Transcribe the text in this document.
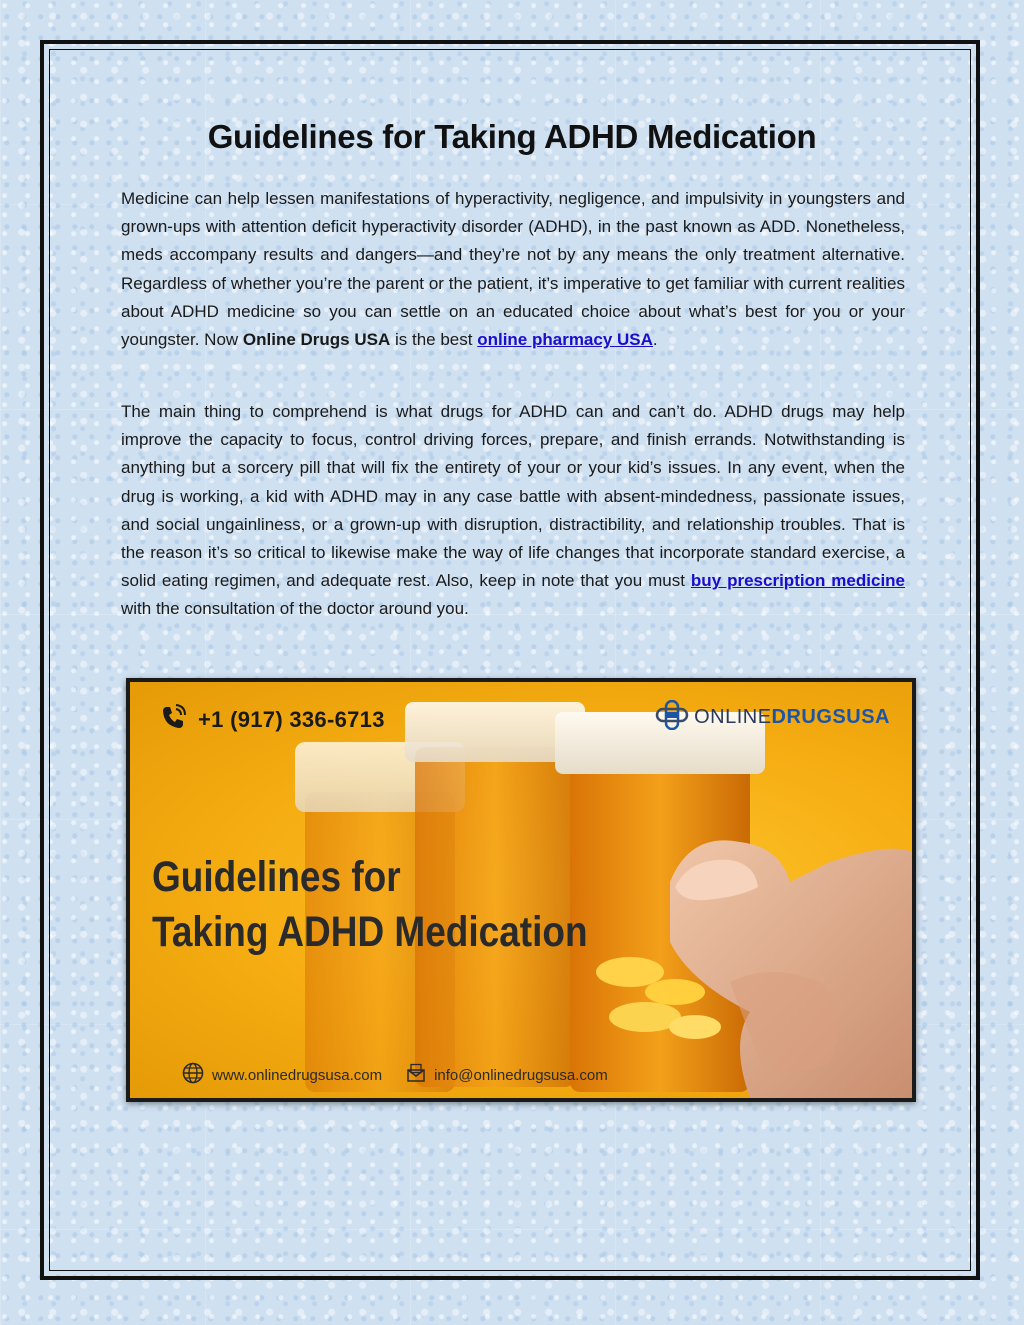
Guidelines for Taking ADHD Medication

Medicine can help lessen manifestations of hyperactivity, negligence, and impulsivity in youngsters and grown-ups with attention deficit hyperactivity disorder (ADHD), in the past known as ADD. Nonetheless, meds accompany results and dangers—and they’re not by any means the only treatment alternative. Regardless of whether you’re the parent or the patient, it’s imperative to get familiar with current realities about ADHD medicine so you can settle on an educated choice about what’s best for you or your youngster. Now Online Drugs USA is the best online pharmacy USA.

The main thing to comprehend is what drugs for ADHD can and can’t do. ADHD drugs may help improve the capacity to focus, control driving forces, prepare, and finish errands. Notwithstanding is anything but a sorcery pill that will fix the entirety of your or your kid’s issues. In any event, when the drug is working, a kid with ADHD may in any case battle with absent-mindedness, passionate issues, and social ungainliness, or a grown-up with disruption, distractibility, and relationship troubles. That is the reason it’s so critical to likewise make the way of life changes that incorporate standard exercise, a solid eating regimen, and adequate rest. Also, keep in note that you must buy prescription medicine with the consultation of the doctor around you.

+1 (917) 336-6713	ONLINEDRUGSUSA
Guidelines for
Taking ADHD Medication
www.onlinedrugsusa.com	info@onlinedrugsusa.com
